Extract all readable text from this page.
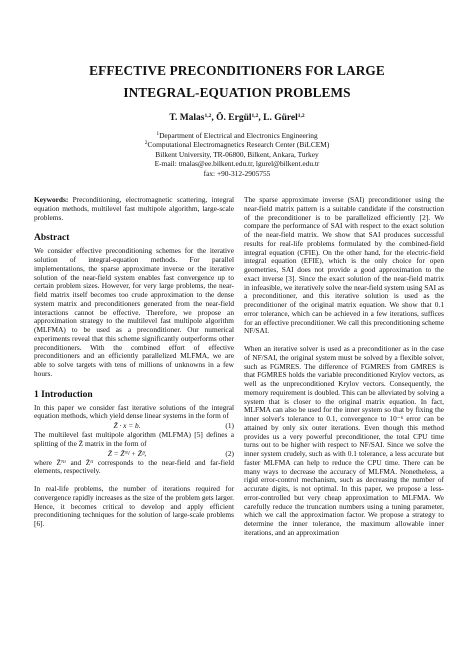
EFFECTIVE PRECONDITIONERS FOR LARGE
INTEGRAL-EQUATION PROBLEMS
T. Malas$^{1,2}$, Ö. Ergül$^{1,2}$, L. Gürel$^{1,2}$
$^1$Department of Electrical and Electronics Engineering
$^2$Computational Electromagnetics Research Center (BiLCEM)
Bilkent University, TR-06800, Bilkent, Ankara, Turkey
E-mail: tmalas@ee.bilkent.edu.tr, lgurel@bilkent.edu.tr
fax: +90-312-2905755

Keywords: Preconditioning, electromagnetic scattering, integral equation methods, multilevel fast multipole algorithm, large-scale problems.

Abstract

We consider effective preconditioning schemes for the iterative solution of integral-equation methods. For parallel implementations, the sparse approximate inverse or the iterative solution of the near-field system enables fast convergence up to certain problem sizes. However, for very large problems, the near-field matrix itself becomes too crude approximation to the dense system matrix and preconditioners generated from the near-field interactions cannot be effective. Therefore, we propose an approximation strategy to the multilevel fast multipole algorithm (MLFMA) to be used as a preconditioner. Our numerical experiments reveal that this scheme significantly outperforms other preconditioners. With the combined effort of effective preconditioners and an efficiently parallelized MLFMA, we are able to solve targets with tens of millions of unknowns in a few hours.

1 Introduction

In this paper we consider fast iterative solutions of the integral equation methods, which yield dense linear systems in the form of

Z̄ · x = b.	(1)

The multilevel fast multipole algorithm (MLFMA) [5] defines a splitting of the Z̄ matrix in the form of

Z̄ = Z̄ᴺᶠ + Z̄ᶠᶠ,	(2)

where Z̄ᴺᶠ and Z̄ᶠᶠ corresponds to the near-field and far-field elements, respectively.

In real-life problems, the number of iterations required for convergence rapidly increases as the size of the problem gets larger. Hence, it becomes critical to develop and apply efficient preconditioning techniques for the solution of large-scale problems [6].

The sparse approximate inverse (SAI) preconditioner using the near-field matrix pattern is a suitable candidate if the construction of the preconditioner is to be parallelized efficiently [2]. We compare the performance of SAI with respect to the exact solution of the near-field matrix. We show that SAI produces successful results for real-life problems formulated by the combined-field integral equation (CFIE). On the other hand, for the electric-field integral equation (EFIE), which is the only choice for open geometries, SAI does not provide a good approximation to the exact inverse [3]. Since the exact solution of the near-field matrix in infeasible, we iteratively solve the near-field system using SAI as a preconditioner, and this iterative solution is used as the preconditioner of the original matrix equation. We show that 0.1 error tolerance, which can be achieved in a few iterations, suffices for an effective preconditioner. We call this preconditioning scheme NF/SAI.

When an iterative solver is used as a preconditioner as in the case of NF/SAI, the original system must be solved by a flexible solver, such as FGMRES. The difference of FGMRES from GMRES is that FGMRES holds the variable preconditioned Krylov vectors, as well as the unpreconditioned Krylov vectors. Consequently, the memory requirement is doubled. This can be alleviated by solving a system that is closer to the original matrix equation. In fact, MLFMA can also be used for the inner system so that by fixing the inner solver's tolerance to 0.1, convergence to 10⁻⁶ error can be attained by only six outer iterations. Even though this method provides us a very powerful preconditioner, the total CPU time turns out to be higher with respect to NF/SAI. Since we solve the inner system crudely, such as with 0.1 tolerance, a less accurate but faster MLFMA can help to reduce the CPU time. There can be many ways to decrease the accuracy of MLFMA. Nonetheless, a rigid error-control mechanism, such as decreasing the number of accurate digits, is not optimal. In this paper, we propose a less-error-controlled but very cheap approximation to MLFMA. We carefully reduce the truncation numbers using a tuning parameter, which we call the approximation factor. We propose a strategy to determine the inner tolerance, the maximum allowable inner iterations, and an approximation
